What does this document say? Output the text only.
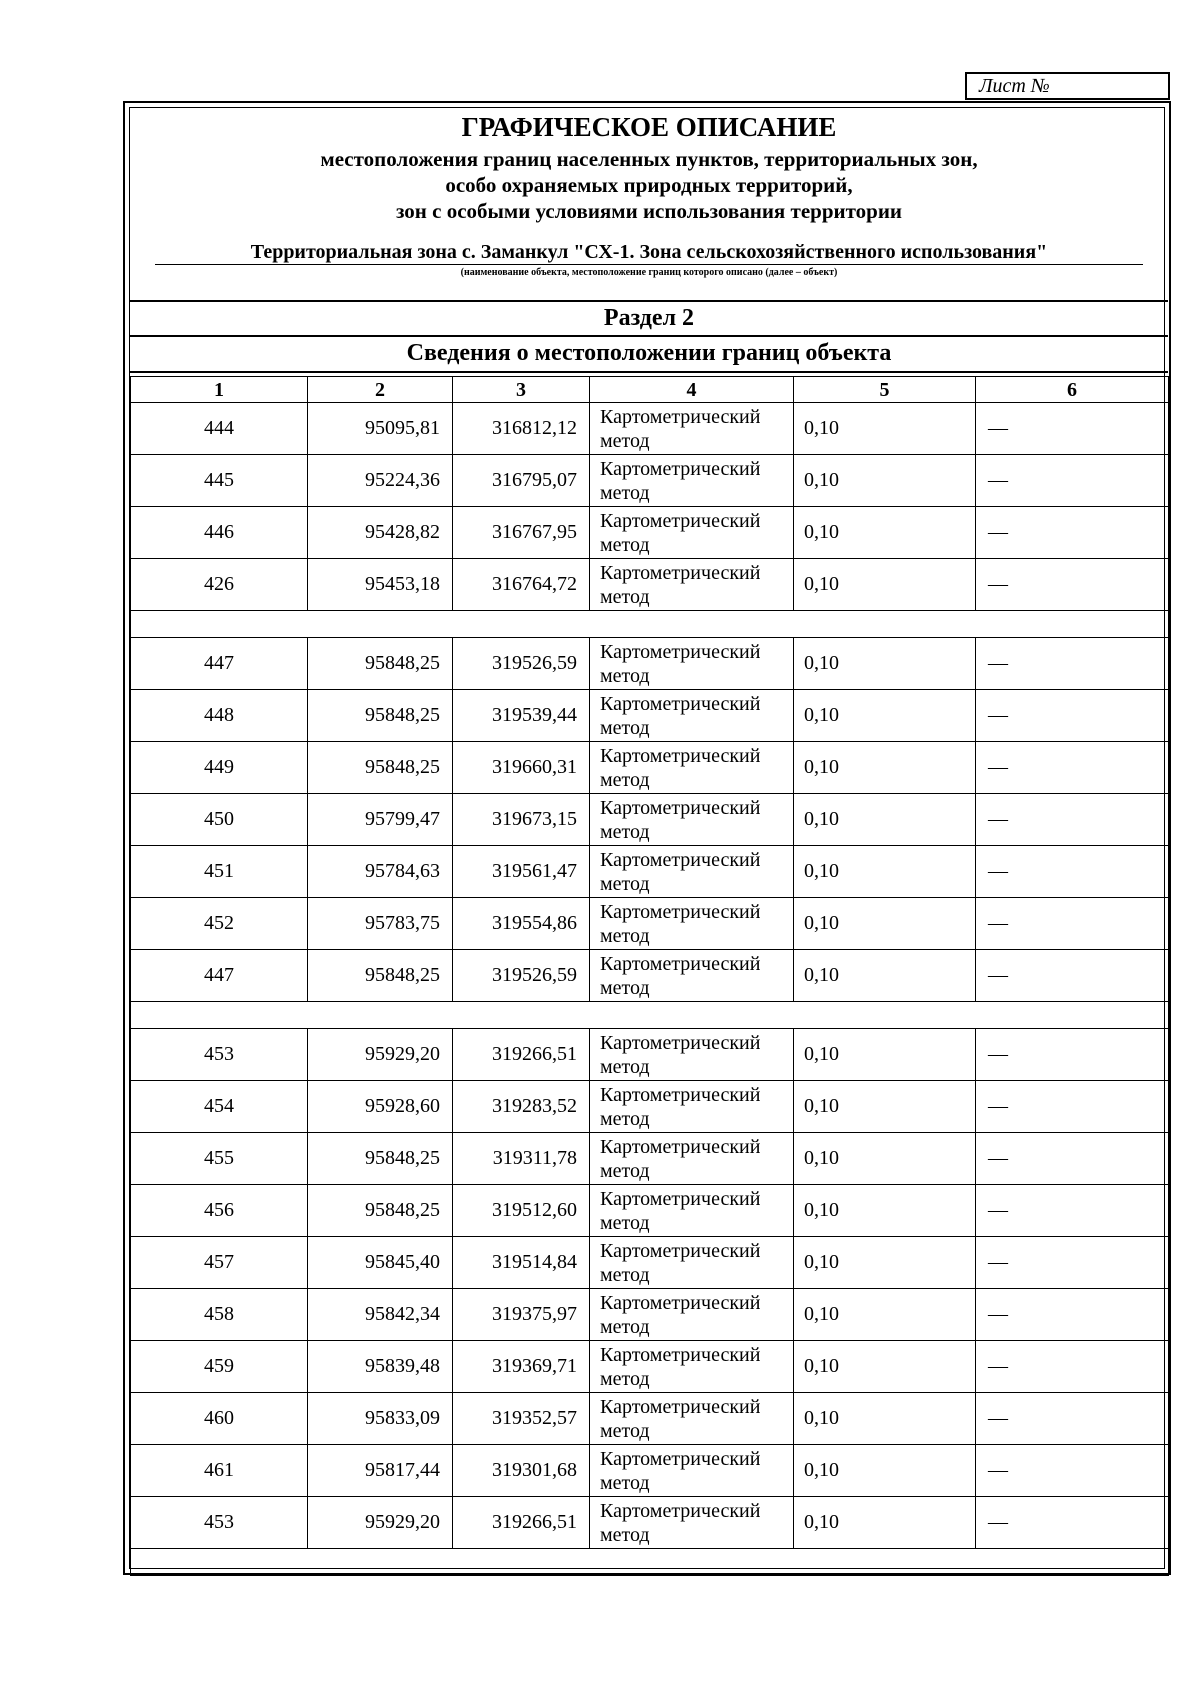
Лист №
ГРАФИЧЕСКОЕ ОПИСАНИЕ
местоположения границ населенных пунктов, территориальных зон,
особо охраняемых природных территорий,
зон с особыми условиями использования территории
Территориальная зона с. Заманкул "СХ-1. Зона сельскохозяйственного использования"
(наименование объекта, местоположение границ которого описано (далее – объект)
Раздел 2
Сведения о местоположении границ объекта
1	2	3	4	5	6
444	95095,81	316812,12	Картометрический метод	0,10	—
445	95224,36	316795,07	Картометрический метод	0,10	—
446	95428,82	316767,95	Картометрический метод	0,10	—
426	95453,18	316764,72	Картометрический метод	0,10	—

447	95848,25	319526,59	Картометрический метод	0,10	—
448	95848,25	319539,44	Картометрический метод	0,10	—
449	95848,25	319660,31	Картометрический метод	0,10	—
450	95799,47	319673,15	Картометрический метод	0,10	—
451	95784,63	319561,47	Картометрический метод	0,10	—
452	95783,75	319554,86	Картометрический метод	0,10	—
447	95848,25	319526,59	Картометрический метод	0,10	—

453	95929,20	319266,51	Картометрический метод	0,10	—
454	95928,60	319283,52	Картометрический метод	0,10	—
455	95848,25	319311,78	Картометрический метод	0,10	—
456	95848,25	319512,60	Картометрический метод	0,10	—
457	95845,40	319514,84	Картометрический метод	0,10	—
458	95842,34	319375,97	Картометрический метод	0,10	—
459	95839,48	319369,71	Картометрический метод	0,10	—
460	95833,09	319352,57	Картометрический метод	0,10	—
461	95817,44	319301,68	Картометрический метод	0,10	—
453	95929,20	319266,51	Картометрический метод	0,10	—
